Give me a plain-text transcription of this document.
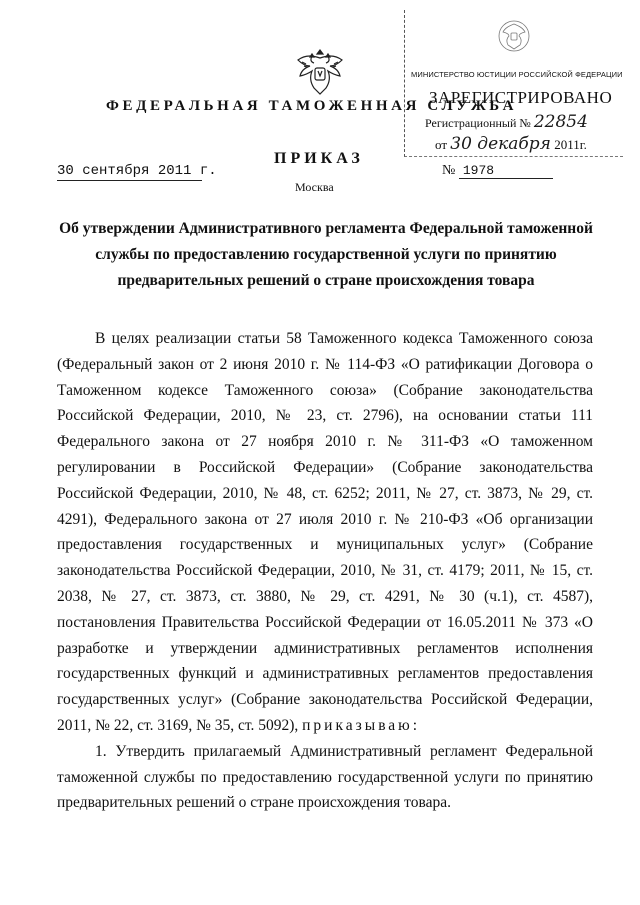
ФЕДЕРАЛЬНАЯ ТАМОЖЕННАЯ СЛУЖБА
ПРИКАЗ
30 сентября 2011 г.	№ 1978
Москва
МИНИСТЕРСТВО ЮСТИЦИИ РОССИЙСКОЙ ФЕДЕРАЦИИ
ЗАРЕГИСТРИРОВАНО
Регистрационный № 22854
от 30 декабря 2011г.
Об утверждении Административного регламента Федеральной таможенной службы по предоставлению государственной услуги по принятию предварительных решений о стране происхождения товара

В целях реализации статьи 58 Таможенного кодекса Таможенного союза (Федеральный закон от 2 июня 2010 г. № 114-ФЗ «О ратификации Договора о Таможенном кодексе Таможенного союза» (Собрание законодательства Российской Федерации, 2010, № 23, ст. 2796), на основании статьи 111 Федерального закона от 27 ноября 2010 г. № 311-ФЗ «О таможенном регулировании в Российской Федерации» (Собрание законодательства Российской Федерации, 2010, № 48, ст. 6252; 2011, № 27, ст. 3873, № 29, ст. 4291), Федерального закона от 27 июля 2010 г. № 210-ФЗ «Об организации предоставления государственных и муниципальных услуг» (Собрание законодательства Российской Федерации, 2010, № 31, ст. 4179; 2011, № 15, ст. 2038, № 27, ст. 3873, ст. 3880, № 29, ст. 4291, № 30 (ч.1), ст. 4587), постановления Правительства Российской Федерации от 16.05.2011 № 373 «О разработке и утверждении административных регламентов исполнения государственных функций и административных регламентов предоставления государственных услуг» (Собрание законодательства Российской Федерации, 2011, № 22, ст. 3169, № 35, ст. 5092), приказываю:

1. Утвердить прилагаемый Административный регламент Федеральной таможенной службы по предоставлению государственной услуги по принятию предварительных решений о стране происхождения товара.
